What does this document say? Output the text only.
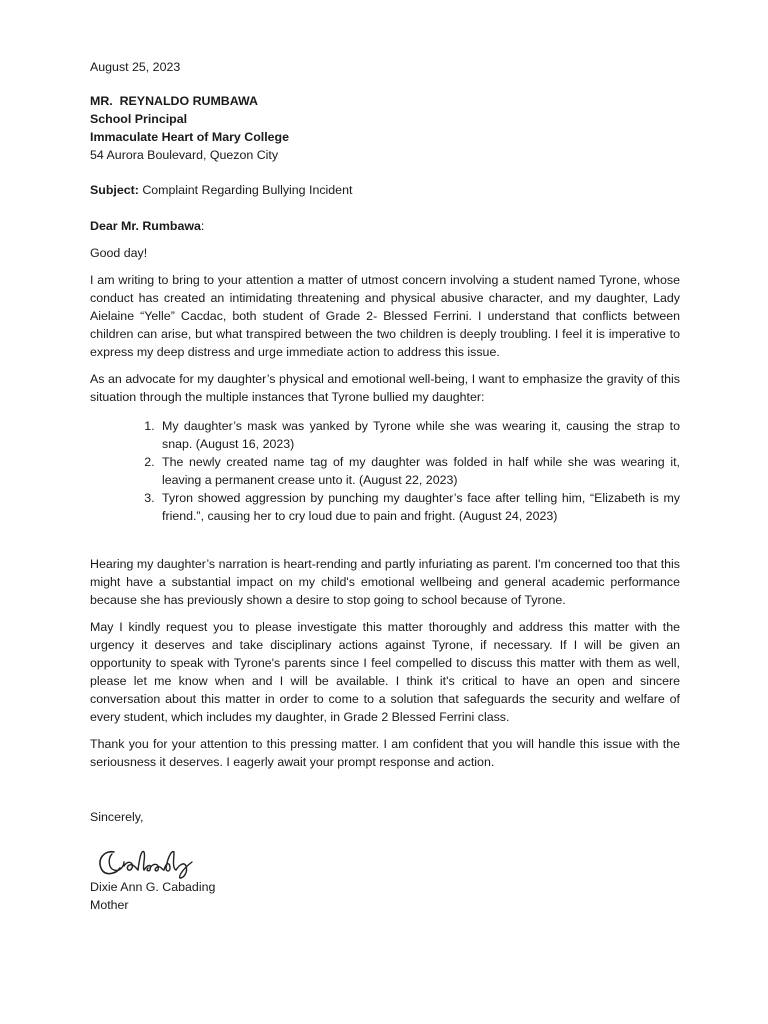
August 25, 2023
MR.  REYNALDO RUMBAWA
School Principal
Immaculate Heart of Mary College
54 Aurora Boulevard, Quezon City
Subject: Complaint Regarding Bullying Incident
Dear Mr. Rumbawa:
Good day!

I am writing to bring to your attention a matter of utmost concern involving a student named Tyrone, whose conduct has created an intimidating threatening and physical abusive character, and my daughter, Lady Aielaine “Yelle” Cacdac, both student of Grade 2- Blessed Ferrini. I understand that conflicts between children can arise, but what transpired between the two children is deeply troubling. I feel it is imperative to express my deep distress and urge immediate action to address this issue.

As an advocate for my daughter’s physical and emotional well-being, I want to emphasize the gravity of this situation through the multiple instances that Tyrone bullied my daughter:

1. My daughter’s mask was yanked by Tyrone while she was wearing it, causing the strap to snap. (August 16, 2023)
2. The newly created name tag of my daughter was folded in half while she was wearing it, leaving a permanent crease unto it. (August 22, 2023)
3. Tyron showed aggression by punching my daughter’s face after telling him, “Elizabeth is my friend.”, causing her to cry loud due to pain and fright. (August 24, 2023)

Hearing my daughter’s narration is heart-rending and partly infuriating as parent. I'm concerned too that this might have a substantial impact on my child's emotional wellbeing and general academic performance because she has previously shown a desire to stop going to school because of Tyrone.

May I kindly request you to please investigate this matter thoroughly and address this matter with the urgency it deserves and take disciplinary actions against Tyrone, if necessary. If I will be given an opportunity to speak with Tyrone's parents since I feel compelled to discuss this matter with them as well, please let me know when and I will be available. I think it's critical to have an open and sincere conversation about this matter in order to come to a solution that safeguards the security and welfare of every student, which includes my daughter, in Grade 2 Blessed Ferrini class.

Thank you for your attention to this pressing matter. I am confident that you will handle this issue with the seriousness it deserves. I eagerly await your prompt response and action.

Sincerely,
Dixie Ann G. Cabading
Mother
